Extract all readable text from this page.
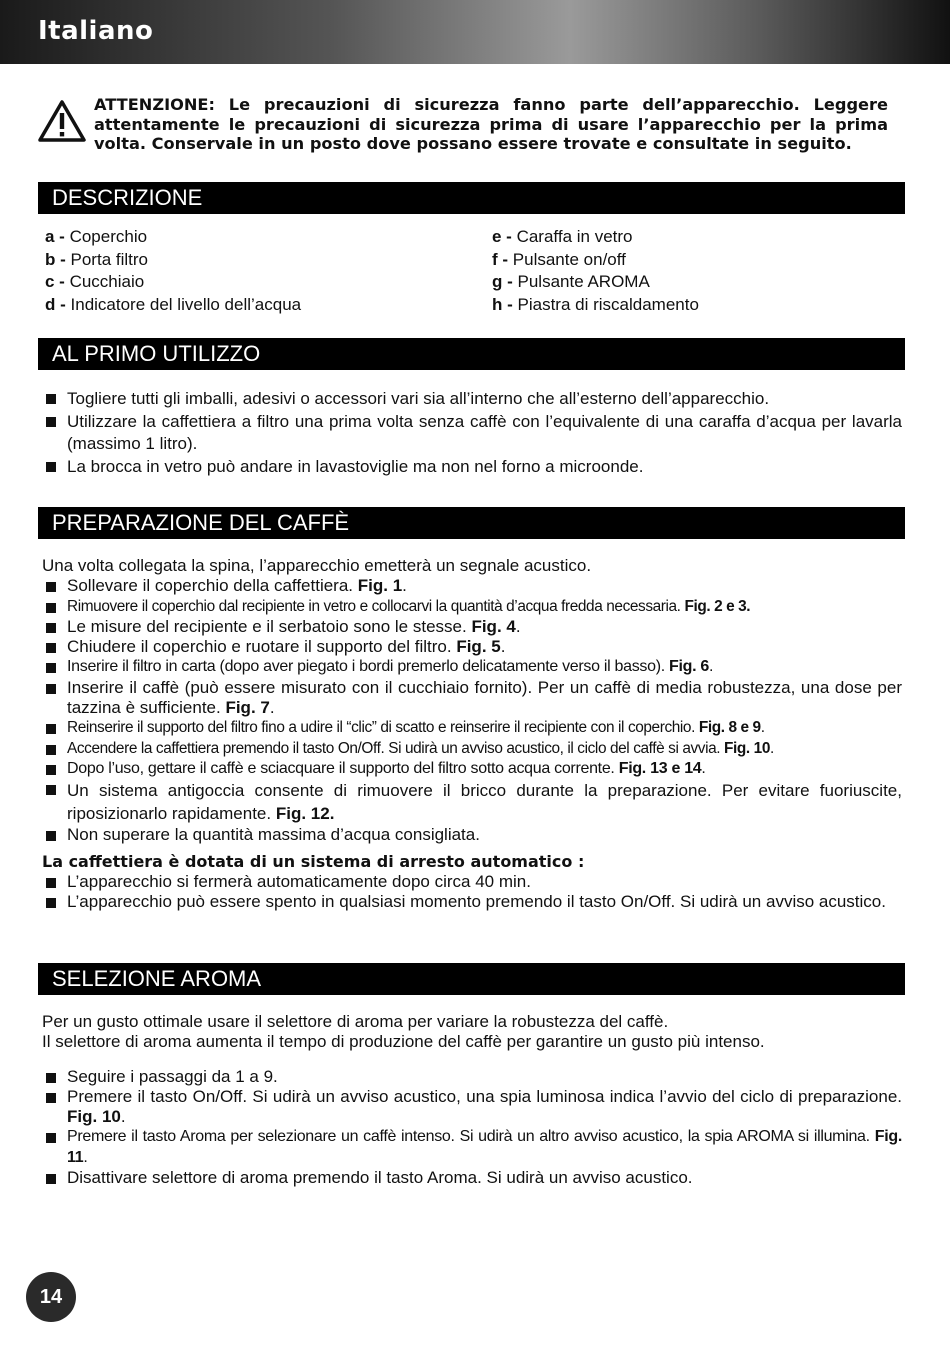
Italiano

ATTENZIONE: Le precauzioni di sicurezza fanno parte dell’apparecchio. Leggere attentamente le precauzioni di sicurezza prima di usare l’apparecchio per la prima volta. Conservale in un posto dove possano essere trovate e consultate in seguito.

DESCRIZIONE
a - Coperchio
b - Porta filtro
c - Cucchiaio
d - Indicatore del livello dell’acqua
e - Caraffa in vetro
f - Pulsante on/off
g - Pulsante AROMA
h - Piastra di riscaldamento
AL PRIMO UTILIZZO
Togliere tutti gli imballi, adesivi o accessori vari sia all’interno che all’esterno dell’apparecchio.
Utilizzare la caffettiera a filtro una prima volta senza caffè con l’equivalente di una caraffa d’acqua per lavarla (massimo 1 litro).
La brocca in vetro può andare in lavastoviglie ma non nel forno a microonde.
PREPARAZIONE DEL CAFFÈ
Una volta collegata la spina, l’apparecchio emetterà un segnale acustico.
Sollevare il coperchio della caffettiera. Fig. 1.
Rimuovere il coperchio dal recipiente in vetro e collocarvi la quantità d’acqua fredda necessaria. Fig. 2 e 3.
Le misure del recipiente e il serbatoio sono le stesse. Fig. 4.
Chiudere il coperchio e ruotare il supporto del filtro. Fig. 5.
Inserire il filtro in carta (dopo aver piegato i bordi premerlo delicatamente verso il basso). Fig. 6.
Inserire il caffè (può essere misurato con il cucchiaio fornito). Per un caffè di media robustezza, una dose per tazzina è sufficiente. Fig. 7.
Reinserire il supporto del filtro fino a udire il “clic” di scatto e reinserire il recipiente con il coperchio. Fig. 8 e 9.
Accendere la caffettiera premendo il tasto On/Off. Si udirà un avviso acustico, il ciclo del caffè si avvia. Fig. 10.
Dopo l’uso, gettare il caffè e sciacquare il supporto del filtro sotto acqua corrente. Fig. 13 e 14.
Un sistema antigoccia consente di rimuovere il bricco durante la preparazione. Per evitare fuoriuscite, riposizionarlo rapidamente. Fig. 12.
Non superare la quantità massima d’acqua consigliata.
La caffettiera è dotata di un sistema di arresto automatico :
L’apparecchio si fermerà automaticamente dopo circa 40 min.
L’apparecchio può essere spento in qualsiasi momento premendo il tasto On/Off. Si udirà un avviso acustico.
SELEZIONE AROMA
Per un gusto ottimale usare il selettore di aroma per variare la robustezza del caffè.
Il selettore di aroma aumenta il tempo di produzione del caffè per garantire un gusto più intenso.
Seguire i passaggi da 1 a 9.
Premere il tasto On/Off. Si udirà un avviso acustico, una spia luminosa indica l’avvio del ciclo di preparazione. Fig. 10.
Premere il tasto Aroma per selezionare un caffè intenso. Si udirà un altro avviso acustico, la spia AROMA si illumina. Fig. 11.
Disattivare selettore di aroma premendo il tasto Aroma. Si udirà un avviso acustico.
14
